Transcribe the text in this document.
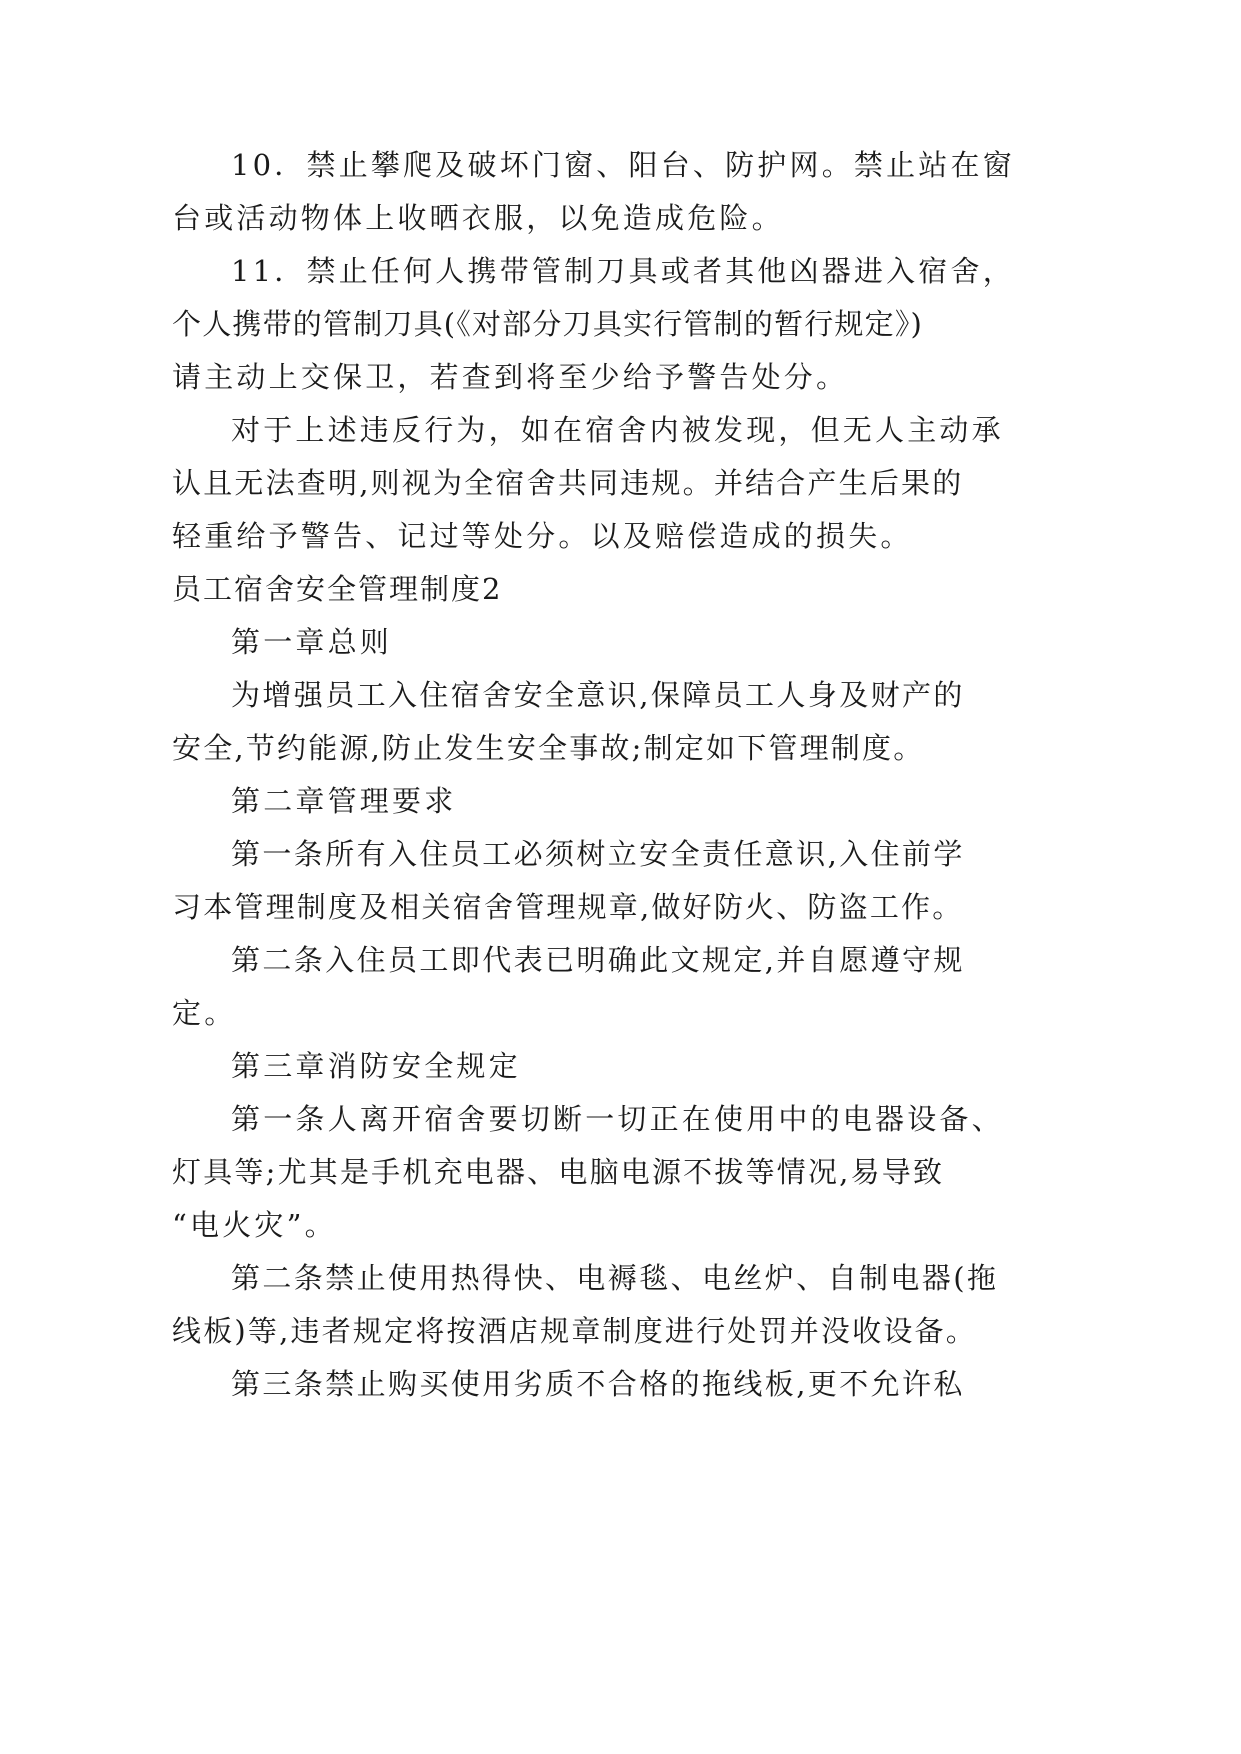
10．禁止攀爬及破坏门窗、阳台、防护网。禁止站在窗
台或活动物体上收晒衣服，以免造成危险。
11．禁止任何人携带管制刀具或者其他凶器进入宿舍，
个人携带的管制刀具(《对部分刀具实行管制的暂行规定》)
请主动上交保卫，若查到将至少给予警告处分。
对于上述违反行为，如在宿舍内被发现，但无人主动承
认且无法查明,则视为全宿舍共同违规。并结合产生后果的
轻重给予警告、记过等处分。以及赔偿造成的损失。
员工宿舍安全管理制度2
第一章总则
为增强员工入住宿舍安全意识,保障员工人身及财产的
安全,节约能源,防止发生安全事故;制定如下管理制度。
第二章管理要求
第一条所有入住员工必须树立安全责任意识,入住前学
习本管理制度及相关宿舍管理规章,做好防火、防盗工作。
第二条入住员工即代表已明确此文规定,并自愿遵守规
定。
第三章消防安全规定
第一条人离开宿舍要切断一切正在使用中的电器设备、
灯具等;尤其是手机充电器、电脑电源不拔等情况,易导致
“电火灾”。
第二条禁止使用热得快、电褥毯、电丝炉、自制电器(拖
线板)等,违者规定将按酒店规章制度进行处罚并没收设备。
第三条禁止购买使用劣质不合格的拖线板,更不允许私
